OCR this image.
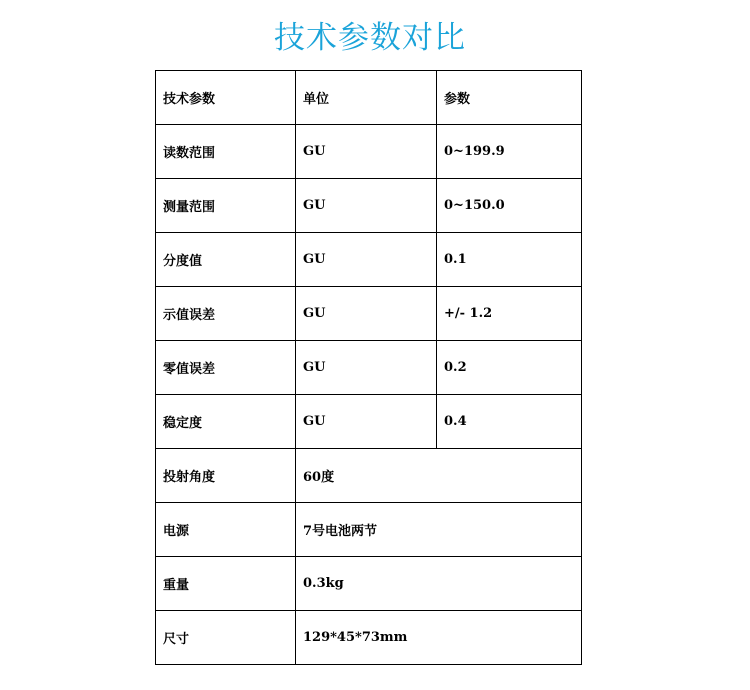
技术参数对比
技术参数	单位	参数
读数范围	GU	0~199.9
测量范围	GU	0~150.0
分度值	GU	0.1
示值误差	GU	+/- 1.2
零值误差	GU	0.2
稳定度	GU	0.4
投射角度	60度	
电源	7号电池两节	
重量	0.3kg	
尺寸	129*45*73mm	
